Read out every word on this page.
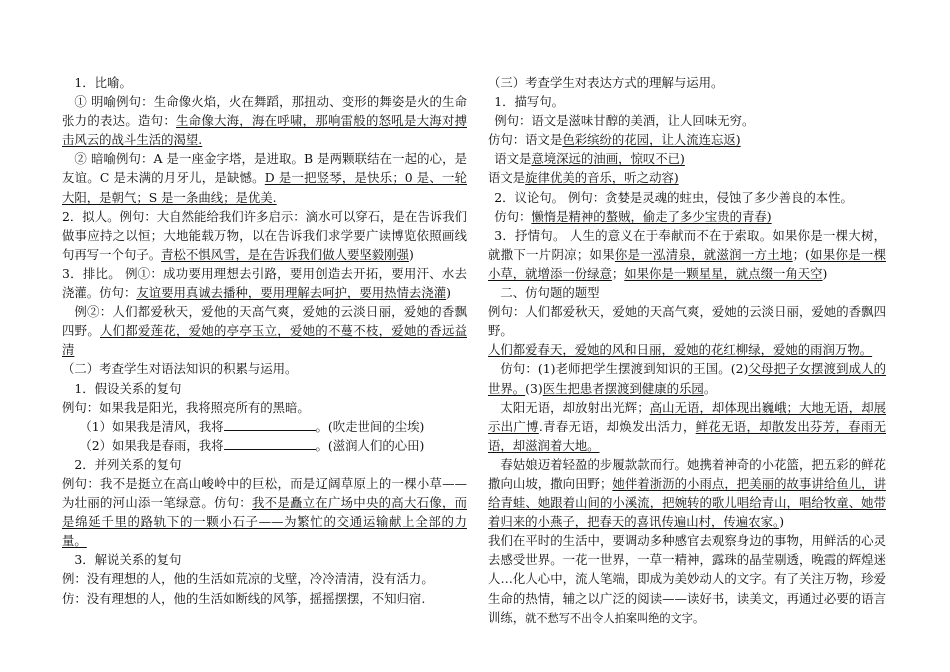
1．比喻。

① 明喻例句：生命像火焰，火在舞蹈，那扭动、变形的舞姿是火的生命张力的表达。造句：生命像大海，海在呼啸，那响雷般的怒吼是大海对搏击风云的战斗生活的渴望.

② 暗喻例句：A 是一座金字塔，是进取。B 是两颗联结在一起的心，是友谊。C 是未满的月牙儿，是缺憾。D 是一把竖琴，是快乐；0 是、一轮大阳，是朝气；S 是一条曲线；是优美.

2．拟人。例句：大自然能给我们许多启示：滴水可以穿石，是在告诉我们做事应持之以恒；大地能载万物，以在告诉我们求学要广读博览依照画线句再写一个句子。青松不惧风雪，是在告诉我们做人要坚毅刚强)

3．排比。 例①：成功要用理想去引路，要用创造去开拓，要用汗、水去浇灌。仿句：友谊要用真诚去播种，要用理解去呵护，要用热情去浇灌)

例②：人们都爱秋天，爱他的天高气爽，爱她的云淡日丽，爱她的香飘四野。人们都爱莲花，爱她的亭亭玉立，爱她的不蔓不枝，爱她的香远益清

（二）考查学生对语法知识的积累与运用。

1．假设关系的复句

例句：如果我是阳光，我将照亮所有的黑暗。

（1）如果我是清风，我将	。(吹走世间的尘埃)

（2）如果我是春雨，我将	。(滋润人们的心田)

2．并列关系的复句

例句：我不是挺立在高山峻岭中的巨松，而是辽阔草原上的一棵小草——为壮丽的河山添一笔绿意。仿句：我不是矗立在广场中央的高大石像，而是绵延千里的路轨下的一颗小石子——为繁忙的交通运输献上全部的力量。

3．解说关系的复句

例：没有理想的人，他的生活如荒凉的戈壁，冷冷清清，没有活力。

仿：没有理想的人，他的生活如断线的风筝，摇摇摆摆，不知归宿.

（三）考查学生对表达方式的理解与运用。

1．描写句。

例句：语文是滋味甘醇的美酒，让人回味无穷。

仿句：语文是色彩缤纷的花园，让人流连忘返)

语文是意境深远的油画，惊叹不已)

语文是旋律优美的音乐，听之动容)

2．议论句。 例句：贪婪是灵魂的蛀虫，侵蚀了多少善良的本性。

仿句：懒惰是精神的螯贼，偷走了多少宝贵的青春)

3．抒情句。 人生的意义在于奉献而不在于索取。如果你是一棵大树，就撒下一片阴凉；如果你是一泓清泉，就滋润一方土地；(如果你是一棵小草，就增添一份绿意；如果你是一颗星星，就点缀一角天空)

二、仿句题的题型

例句：人们都爱秋天，爱她的天高气爽，爱她的云淡日丽，爱她的香飘四野。

人们都爱春天，爱她的风和日丽，爱她的花红柳绿，爱她的雨润万物。

仿句：(1)老师把学生摆渡到知识的王国。(2)父母把子女摆渡到成人的世界。(3)医生把患者摆渡到健康的乐园。

太阳无语，却放射出光辉；高山无语，却体现出巍峨；大地无语，却展示出广博.青春无语，却焕发出活力，鲜花无语，却散发出芬芳，春雨无语，却滋润着大地。

春姑娘迈着轻盈的步履款款而行。她携着神奇的小花篮，把五彩的鲜花撒向山坡，撒向田野；她伴着浙沥的小雨点，把美丽的故事讲给鱼儿，讲给青蛙、她跟着山间的小溪流，把婉转的歌儿唱给青山，唱给牧童、她带着归来的小燕子，把春天的喜讯传遍山村，传遍农家。)

我们在平时的生活中，要调动多种感官去观察身边的事物，用鲜活的心灵去感受世界。一花一世界，一草一精神，露珠的晶莹剔透，晚霞的辉煌迷人…化人心中，流人笔端，即成为美妙动人的文字。有了关注万物，珍爱生命的热情，辅之以广泛的阅读——读好书，读美文，再通过必要的语言训练，就不愁写不出令人拍案叫绝的文字。
